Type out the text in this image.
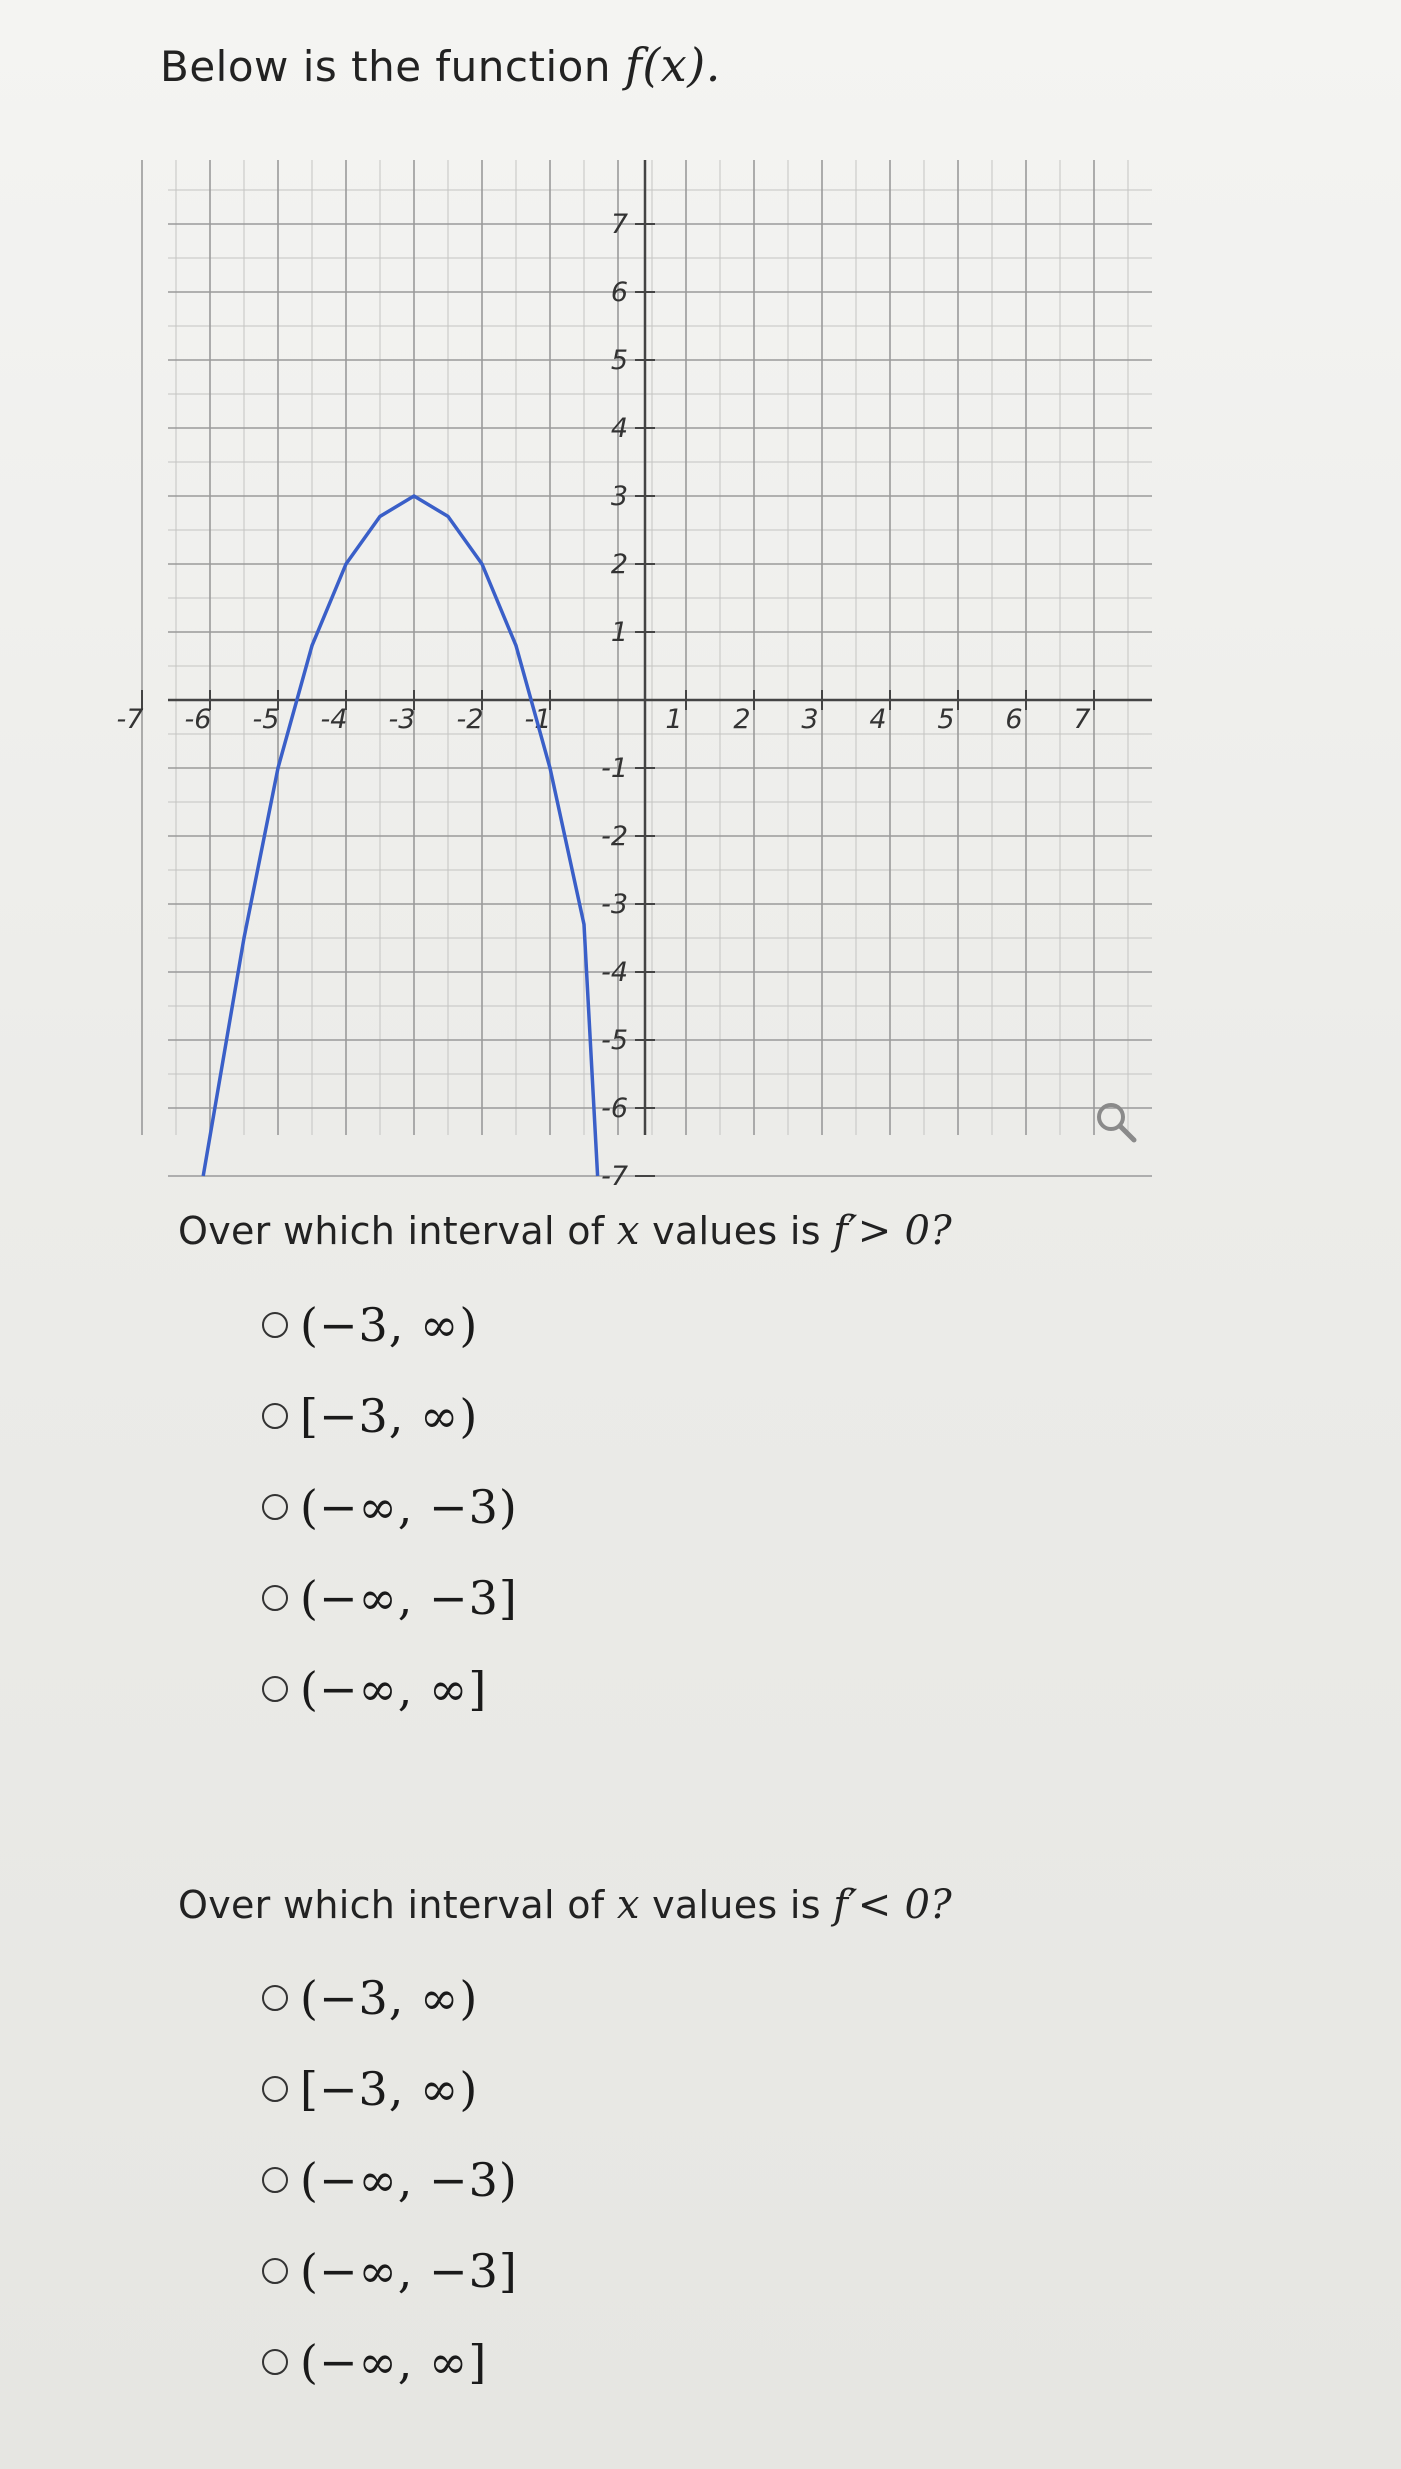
Below is the function f(x).
-7 -6 -5 -4 -3 -2 -1	1 2 3 4 5 6 7
-7
-6
-5
-4
-3
-2
-1
1
2
3
4
5
6
7
Over which interval of x values is f′> 0?
(−3, ∞)
[−3, ∞)
(−∞, −3)
(−∞, −3]
(−∞, ∞]
Over which interval of x values is f′< 0?
(−3, ∞)
[−3, ∞)
(−∞, −3)
(−∞, −3]
(−∞, ∞]
